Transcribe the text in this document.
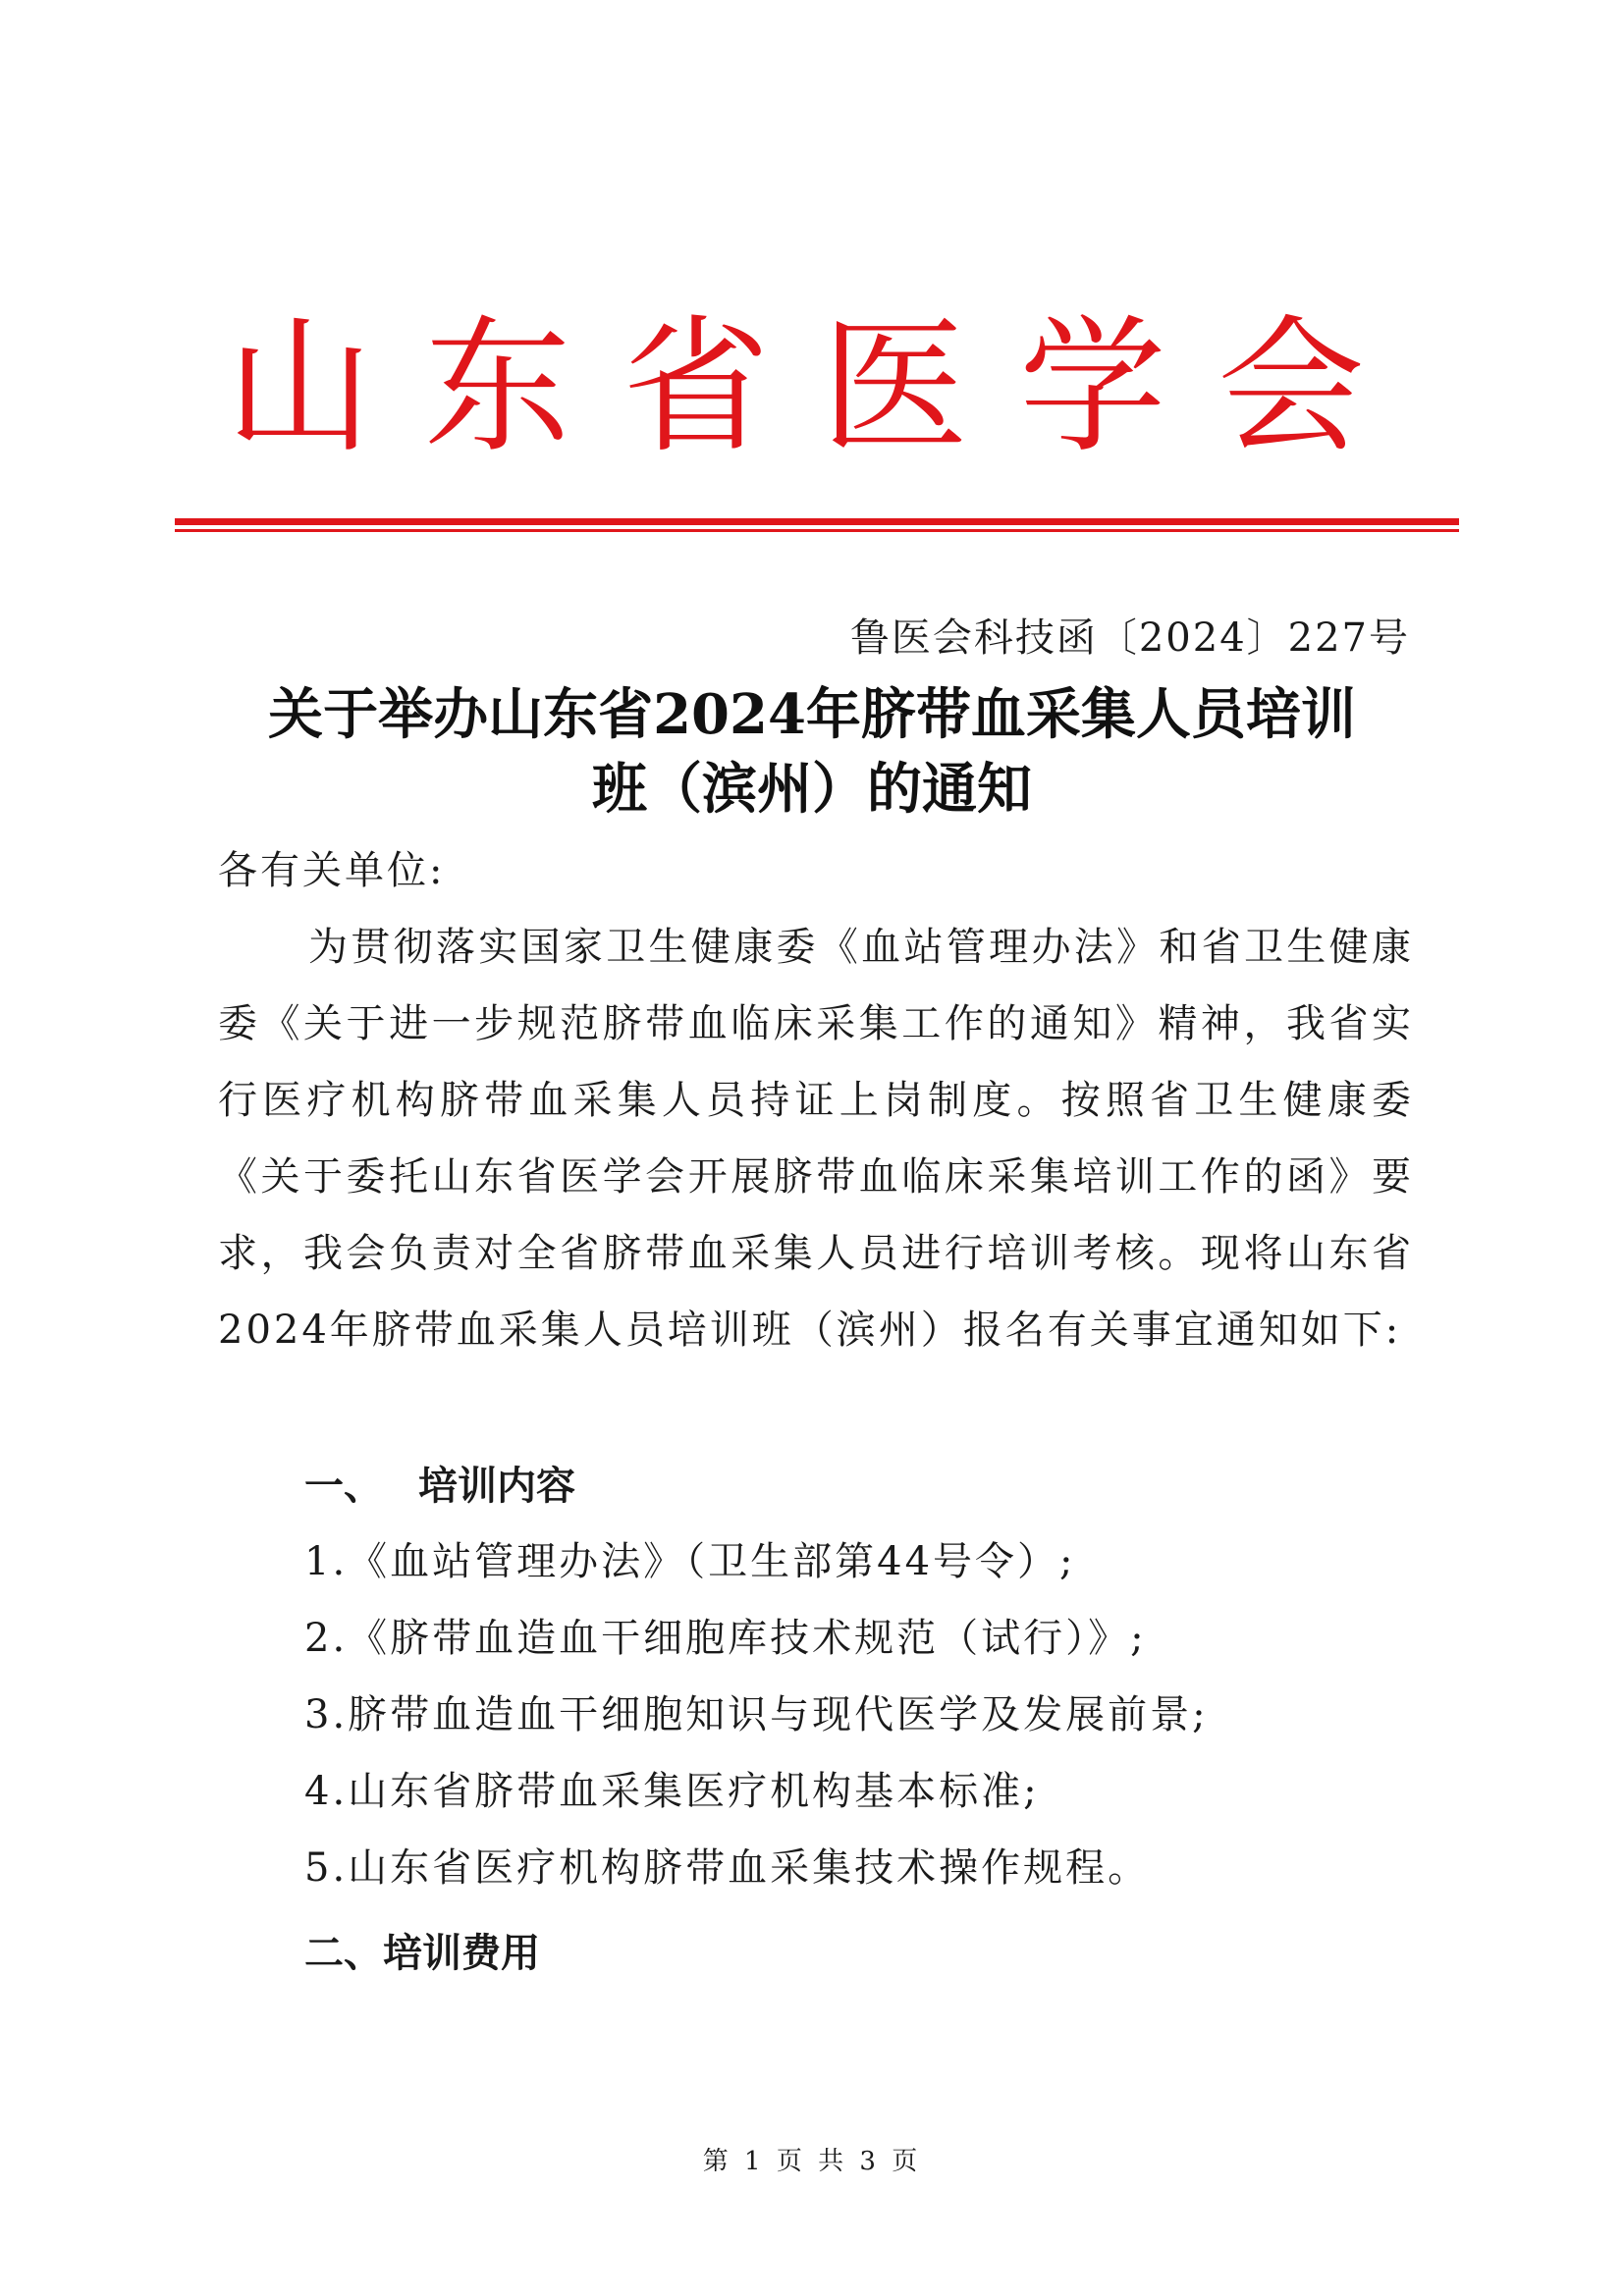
山 东 省 医 学 会
鲁医会科技函〔2024〕227号
关于举办山东省2024年脐带血采集人员培训
班（滨州）的通知
各有关单位:
为贯彻落实国家卫生健康委《血站管理办法》和省卫生健康委《关于进一步规范脐带血临床采集工作的通知》精神，我省实行医疗机构脐带血采集人员持证上岗制度。按照省卫生健康委《关于委托山东省医学会开展脐带血临床采集培训工作的函》要求，我会负责对全省脐带血采集人员进行培训考核。现将山东省2024年脐带血采集人员培训班（滨州）报名有关事宜通知如下:
一、 培训内容
1.《血站管理办法》（卫生部第44号令）;
2.《脐带血造血干细胞库技术规范（试行）》;
3.脐带血造血干细胞知识与现代医学及发展前景;
4.山东省脐带血采集医疗机构基本标准;
5.山东省医疗机构脐带血采集技术操作规程。
二、培训费用
第 1 页 共 3 页
